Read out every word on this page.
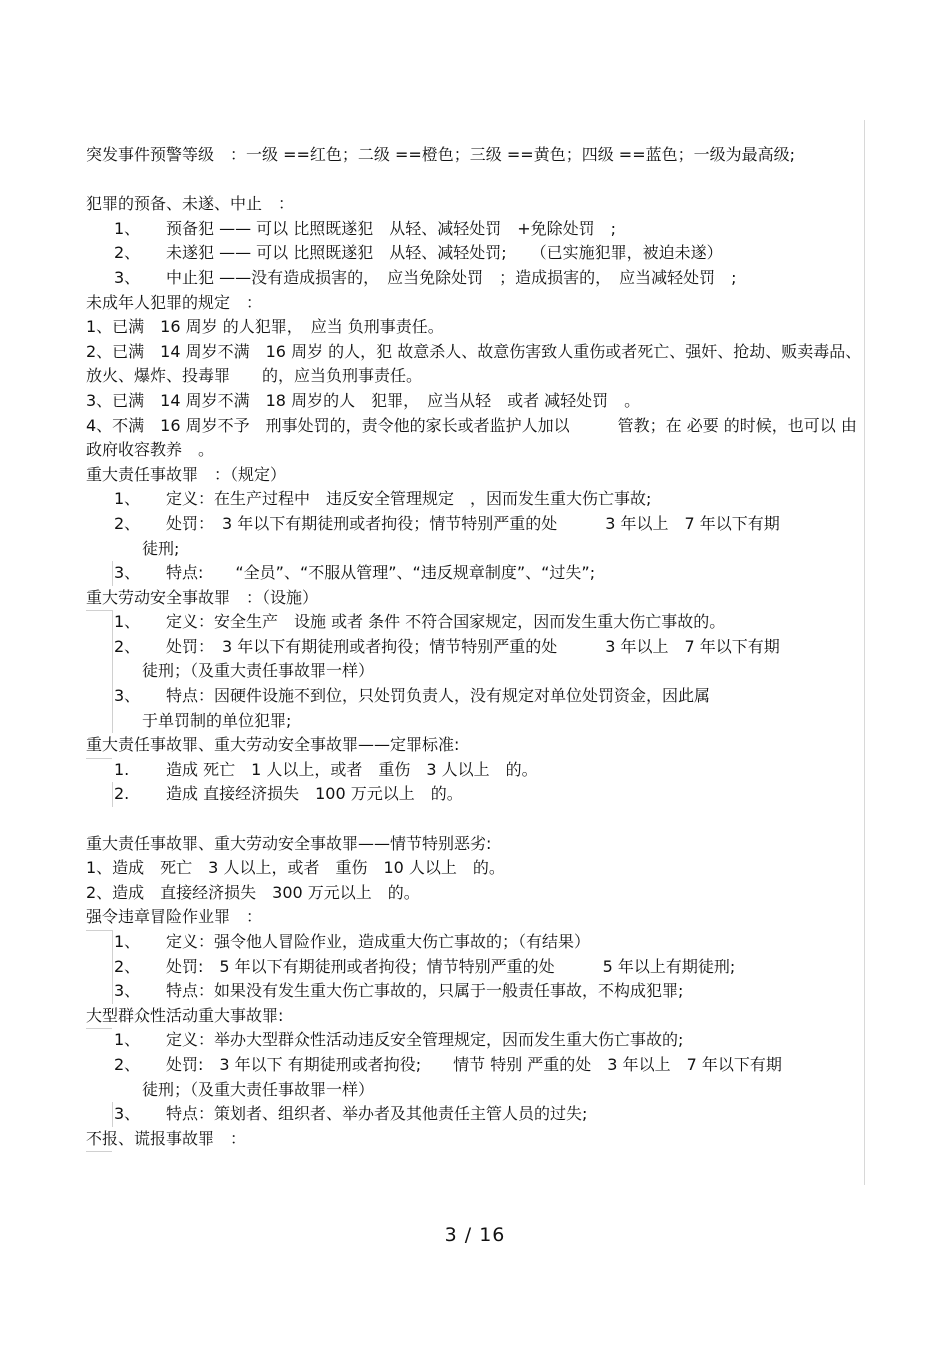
突发事件预警等级　：一级 ==红色；二级 ==橙色；三级 ==黄色；四级 ==蓝色；一级为最高级;
犯罪的预备、未遂、中止　：
1、 预备犯 —— 可以 比照既遂犯　从轻、减轻处罚　+免除处罚　;
2、 未遂犯 —— 可以 比照既遂犯　从轻、减轻处罚;　　（已实施犯罪，被迫未遂）
3、 中止犯 ——没有造成损害的，　应当免除处罚　；造成损害的，　应当减轻处罚　;
未成年人犯罪的规定　：
1、已满　16 周岁 的人犯罪，　应当 负刑事责任。
2、已满　14 周岁不满　16 周岁 的人，犯 故意杀人、故意伤害致人重伤或者死亡、强奸、抢劫、贩卖毒品、放火、爆炸、投毒罪　　的，应当负刑事责任。
3、已满　14 周岁不满　18 周岁的人　犯罪，　应当从轻　或者 减轻处罚　。
4、不满　16 周岁不予　刑事处罚的，责令他的家长或者监护人加以　　　管教；在 必要 的时候，也可以 由政府收容教养　。
重大责任事故罪　：（规定）
1、 定义：在生产过程中　违反安全管理规定　，因而发生重大伤亡事故;
2、 处罚：　3 年以下有期徒刑或者拘役；情节特别严重的处　　　3 年以上　7 年以下有期
徒刑;
3、 特点:　　“全员”、“不服从管理”、“违反规章制度”、“过失”;
重大劳动安全事故罪　：（设施）
1、 定义：安全生产　设施 或者 条件 不符合国家规定，因而发生重大伤亡事故的。
2、 处罚：　3 年以下有期徒刑或者拘役；情节特别严重的处　　　3 年以上　7 年以下有期
徒刑；（及重大责任事故罪一样）
3、 特点：因硬件设施不到位，只处罚负责人，没有规定对单位处罚资金，因此属
于单罚制的单位犯罪;
重大责任事故罪、重大劳动安全事故罪——定罪标准:
1. 造成 死亡　1 人以上，或者　重伤　3 人以上　的。
2. 造成 直接经济损失　100 万元以上　的。
重大责任事故罪、重大劳动安全事故罪——情节特别恶劣:
1、造成　死亡　3 人以上，或者　重伤　10 人以上　的。
2、造成　直接经济损失　300 万元以上　的。
强令违章冒险作业罪　：
1、 定义：强令他人冒险作业，造成重大伤亡事故的；（有结果）
2、 处罚:　5 年以下有期徒刑或者拘役；情节特别严重的处　　　5 年以上有期徒刑;
3、 特点：如果没有发生重大伤亡事故的，只属于一般责任事故，不构成犯罪;
大型群众性活动重大事故罪:
1、 定义：举办大型群众性活动违反安全管理规定，因而发生重大伤亡事故的;
2、 处罚:　3 年以下 有期徒刑或者拘役;　　情节 特别 严重的处　3 年以上　7 年以下有期
徒刑；（及重大责任事故罪一样）
3、 特点：策划者、组织者、举办者及其他责任主管人员的过失;
不报、谎报事故罪　：
3 / 16
